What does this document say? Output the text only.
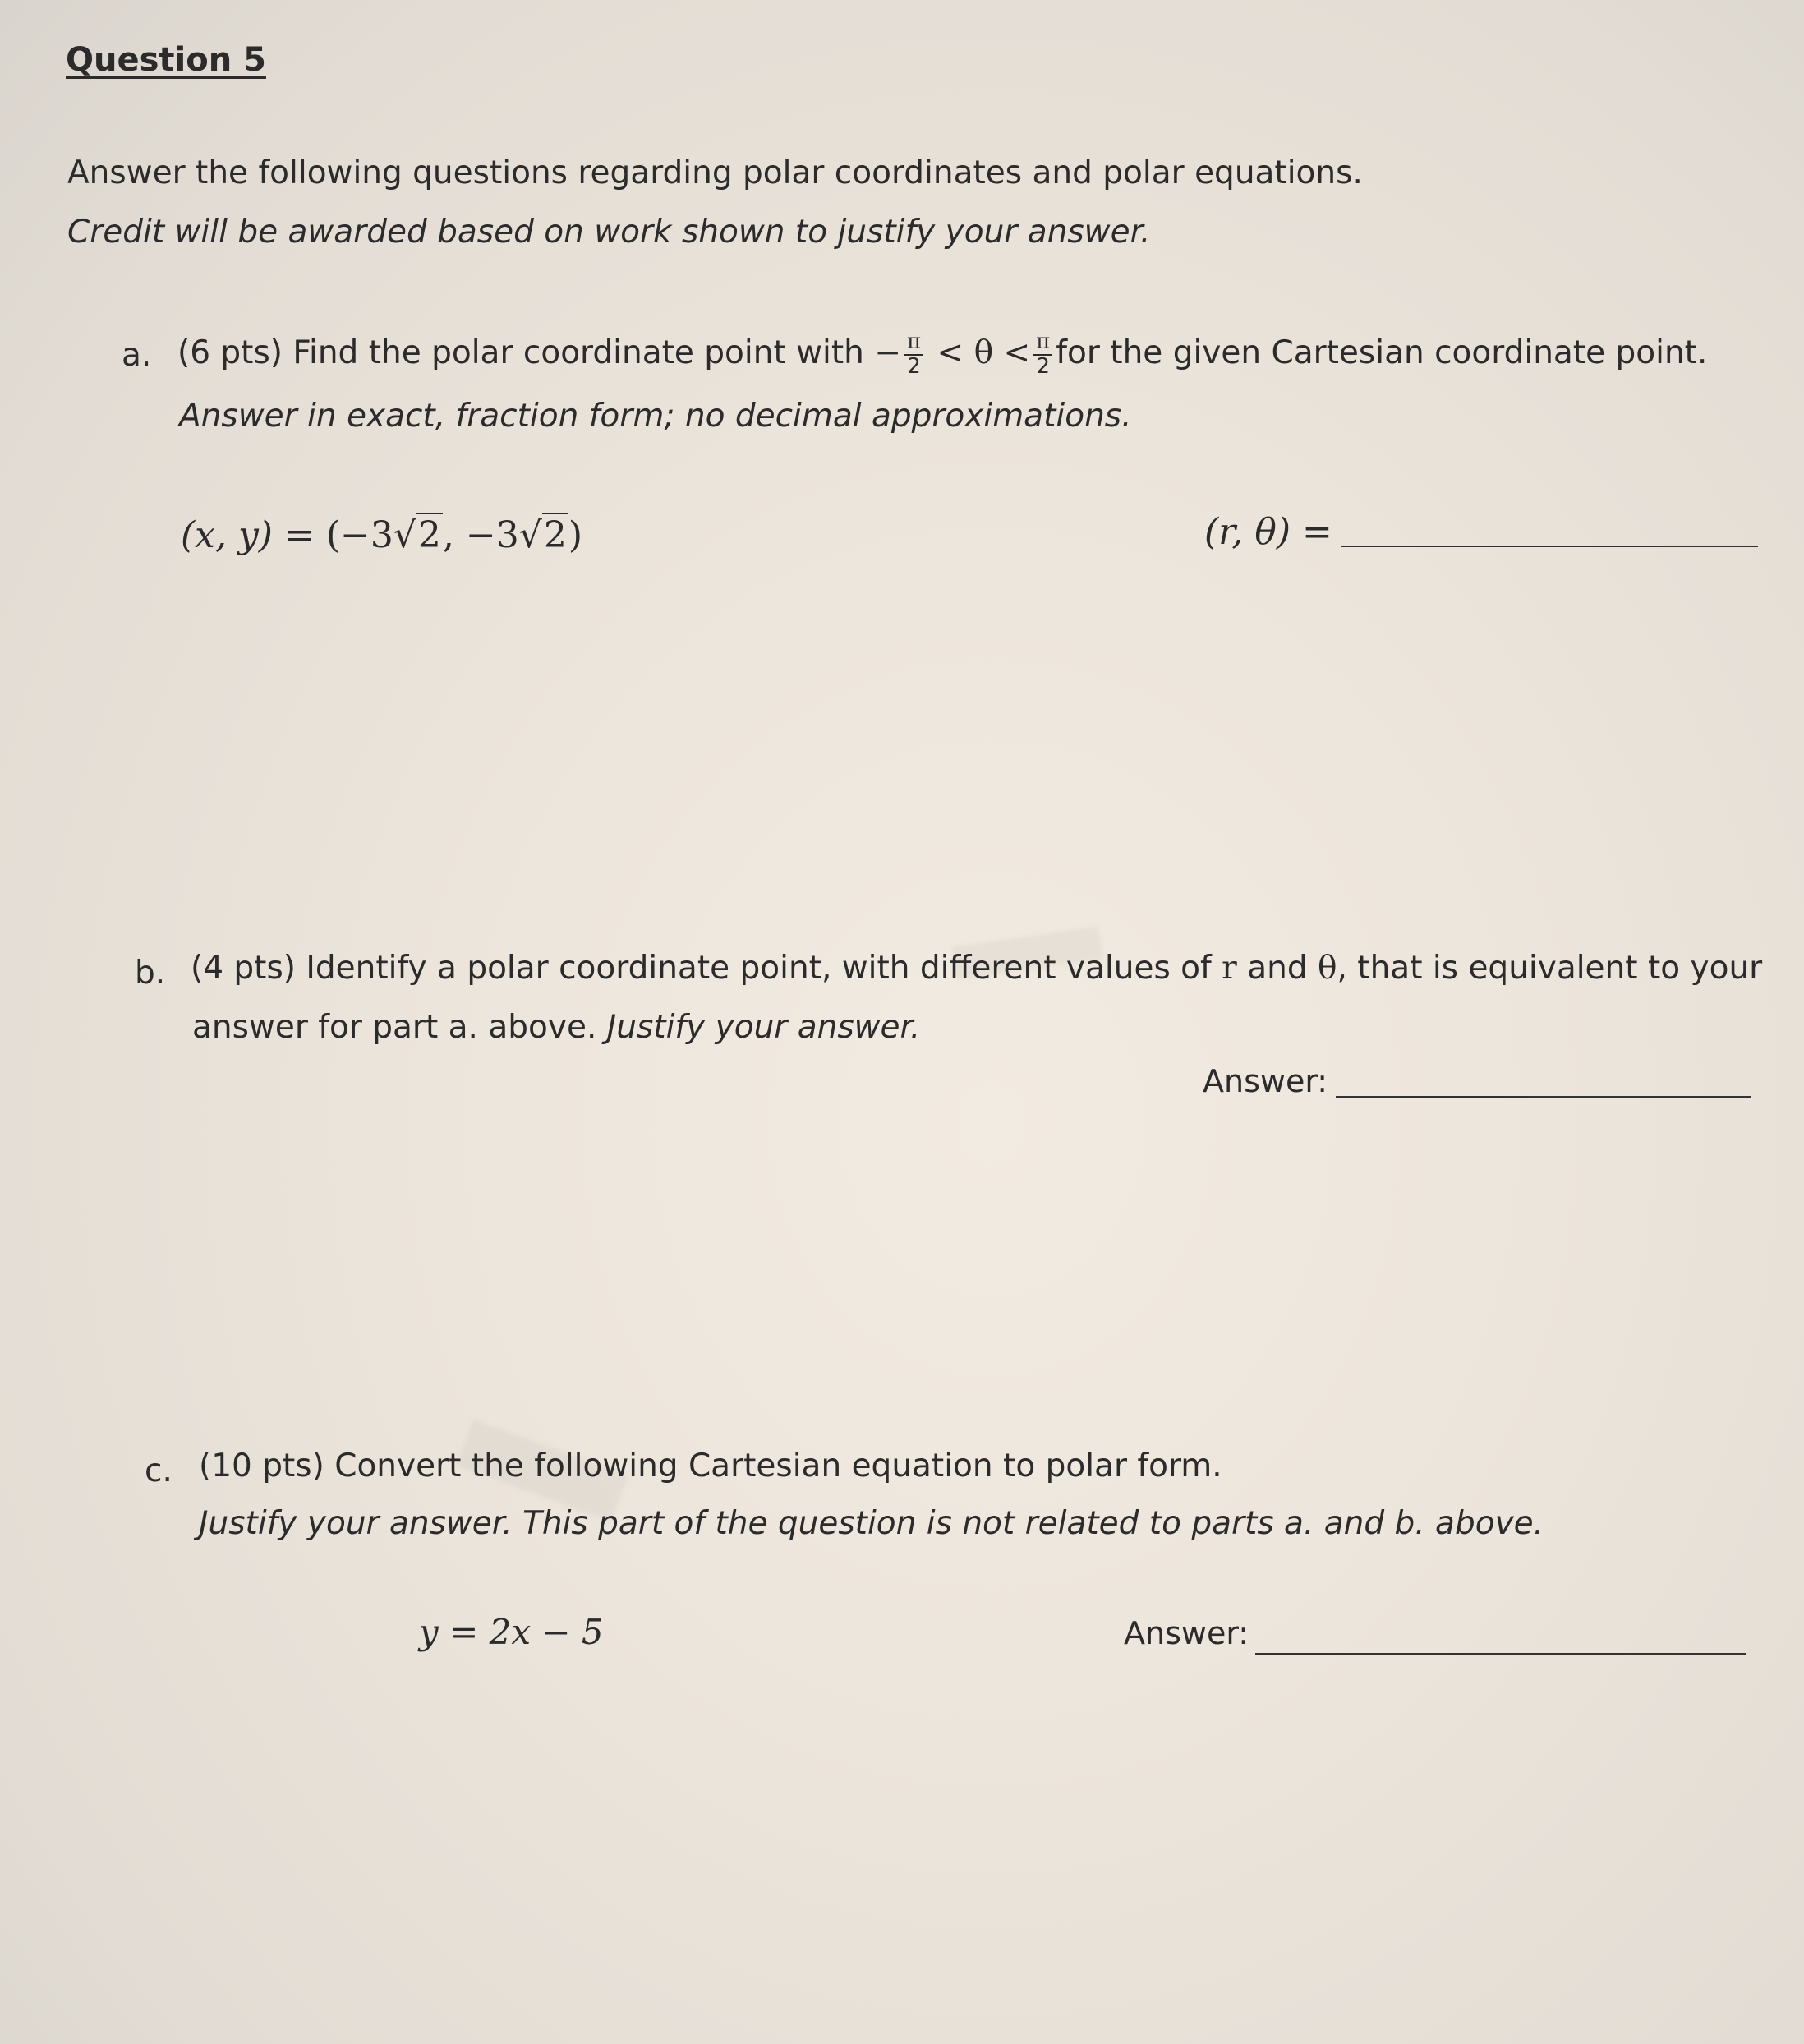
Question 5
Answer the following questions regarding polar coordinates and polar equations.
Credit will be awarded based on work shown to justify your answer.
a. (6 pts) Find the polar coordinate point with − $\frac{\pi}{2} < \theta < \frac{\pi}{2}$ for the given Cartesian coordinate point.
Answer in exact, fraction form; no decimal approximations.
(x, y) = (−3√2, −3√2)	(r, θ) =
b. (4 pts) Identify a polar coordinate point, with different values of r and θ, that is equivalent to your
answer for part a. above. Justify your answer.
Answer:
c. (10 pts) Convert the following Cartesian equation to polar form.
Justify your answer. This part of the question is not related to parts a. and b. above.
y = 2x − 5	Answer:
